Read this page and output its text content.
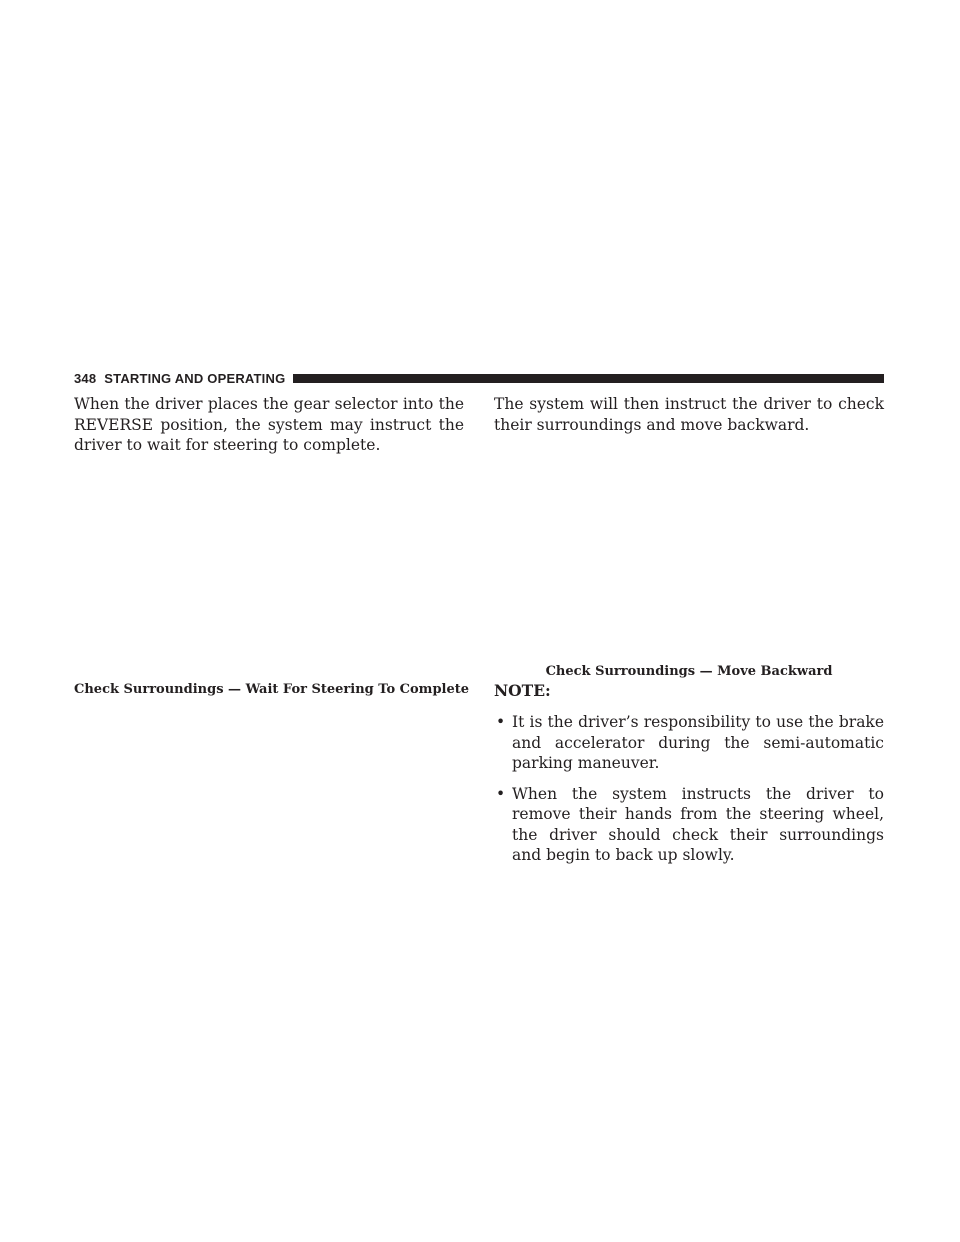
348 STARTING AND OPERATING

When the driver places the gear selector into the REVERSE position, the system may instruct the driver to wait for steering to complete.

Check Surroundings — Wait For Steering To Complete

The system will then instruct the driver to check their surroundings and move backward.

Check Surroundings — Move Backward

NOTE:

• It is the driver’s responsibility to use the brake and accelerator during the semi-automatic parking maneuver.
• When the system instructs the driver to remove their hands from the steering wheel, the driver should check their surroundings and begin to back up slowly.
